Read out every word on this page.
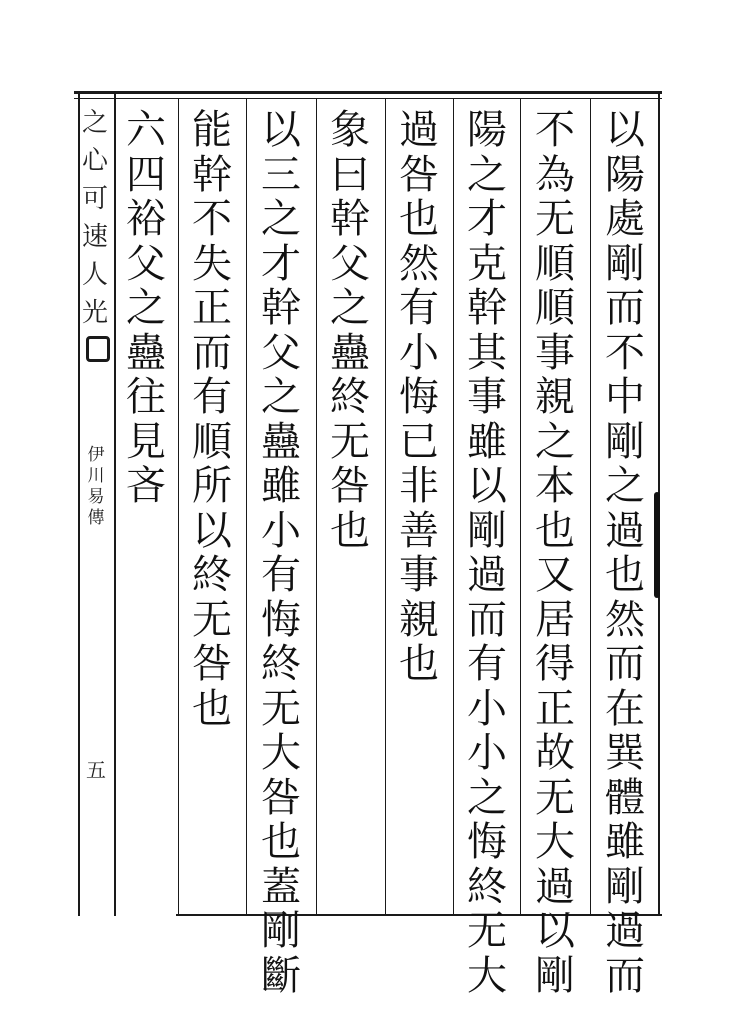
之
心
可
速
人
光
伊
川
易
傳
五
以
陽
處
剛
而
不
中
剛
之
過
也
然
而
在
巽
體
雖
剛
過
而
不
為
无
順
順
事
親
之
本
也
又
居
得
正
故
无
大
過
以
剛
陽
之
才
克
幹
其
事
雖
以
剛
過
而
有
小
小
之
悔
終
无
大
過
咎
也
然
有
小
悔
已
非
善
事
親
也
象
曰
幹
父
之
蠱
終
无
咎
也
以
三
之
才
幹
父
之
蠱
雖
小
有
悔
終
无
大
咎
也
蓋
剛
斷
能
幹
不
失
正
而
有
順
所
以
終
无
咎
也
六
四
裕
父
之
蠱
往
見
吝
